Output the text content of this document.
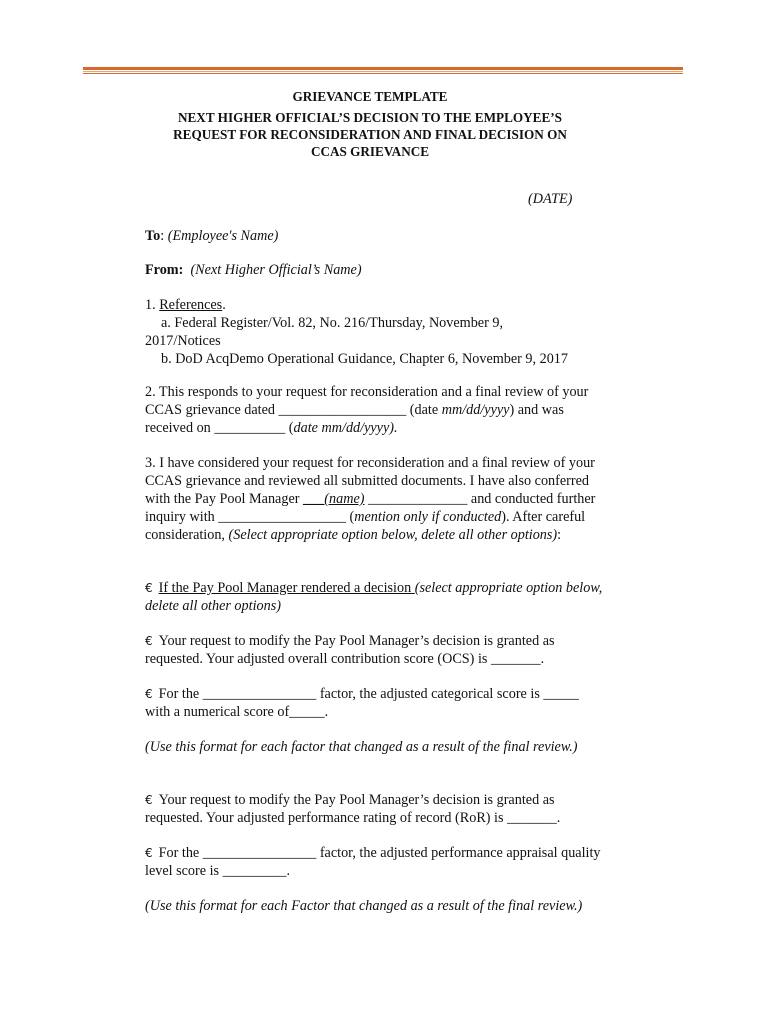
GRIEVANCE TEMPLATE
NEXT HIGHER OFFICIAL’S DECISION TO THE EMPLOYEE’S
REQUEST FOR RECONSIDERATION AND FINAL DECISION ON
CCAS GRIEVANCE
(DATE)
To: (Employee's Name)
From: (Next Higher Official’s Name)
1. References.
a. Federal Register/Vol. 82, No. 216/Thursday, November 9,
2017/Notices
b. DoD AcqDemo Operational Guidance, Chapter 6, November 9, 2017
2. This responds to your request for reconsideration and a final review of your CCAS grievance dated __________________ (date mm/dd/yyyy) and was received on __________ (date mm/dd/yyyy).
3. I have considered your request for reconsideration and a final review of your CCAS grievance and reviewed all submitted documents. I have also conferred with the Pay Pool Manager ___(name) ______________ and conducted further inquiry with __________________ (mention only if conducted). After careful consideration, (Select appropriate option below, delete all other options):
€ If the Pay Pool Manager rendered a decision (select appropriate option below, delete all other options)
€ Your request to modify the Pay Pool Manager’s decision is granted as requested. Your adjusted overall contribution score (OCS) is _______.
€ For the ________________ factor, the adjusted categorical score is _____ with a numerical score of_____.
(Use this format for each factor that changed as a result of the final review.)
€ Your request to modify the Pay Pool Manager’s decision is granted as requested. Your adjusted performance rating of record (RoR) is _______.
€ For the ________________ factor, the adjusted performance appraisal quality level score is _________.
(Use this format for each Factor that changed as a result of the final review.)
